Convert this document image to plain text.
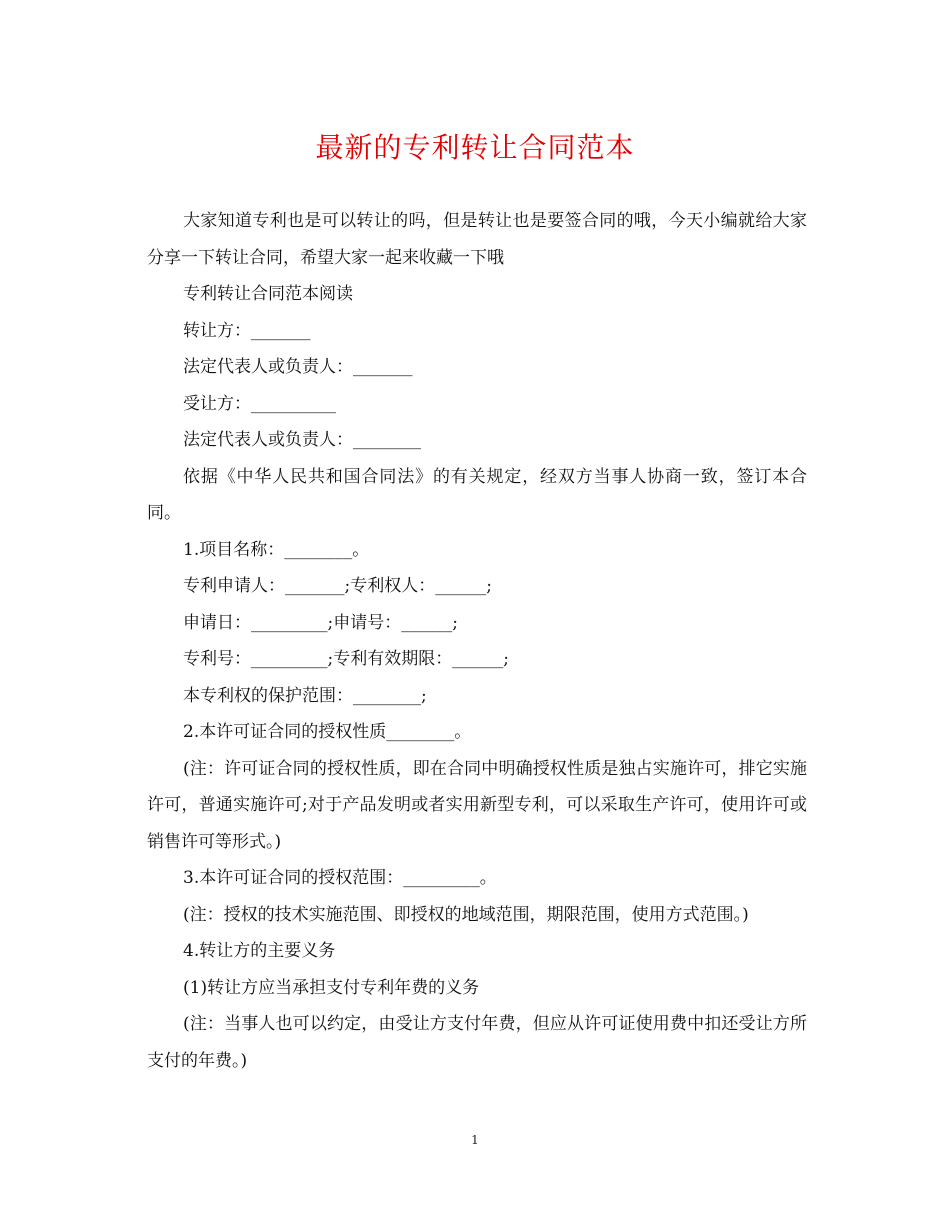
最新的专利转让合同范本

大家知道专利也是可以转让的吗，但是转让也是要签合同的哦，今天小编就给大家分享一下转让合同，希望大家一起来收藏一下哦

专利转让合同范本阅读

转让方：_______

法定代表人或负责人：_______

受让方：__________

法定代表人或负责人：________

依据《中华人民共和国合同法》的有关规定，经双方当事人协商一致，签订本合同。

1.项目名称：________。

专利申请人：_______;专利权人：______;

申请日：_________;申请号：______;

专利号：_________;专利有效期限：______;

本专利权的保护范围：________;

2.本许可证合同的授权性质________。

(注：许可证合同的授权性质，即在合同中明确授权性质是独占实施许可，排它实施许可，普通实施许可;对于产品发明或者实用新型专利，可以采取生产许可，使用许可或销售许可等形式。)

3.本许可证合同的授权范围：_________。

(注：授权的技术实施范围、即授权的地域范围，期限范围，使用方式范围。)

4.转让方的主要义务

(1)转让方应当承担支付专利年费的义务

(注：当事人也可以约定，由受让方支付年费，但应从许可证使用费中扣还受让方所支付的年费。)

1
